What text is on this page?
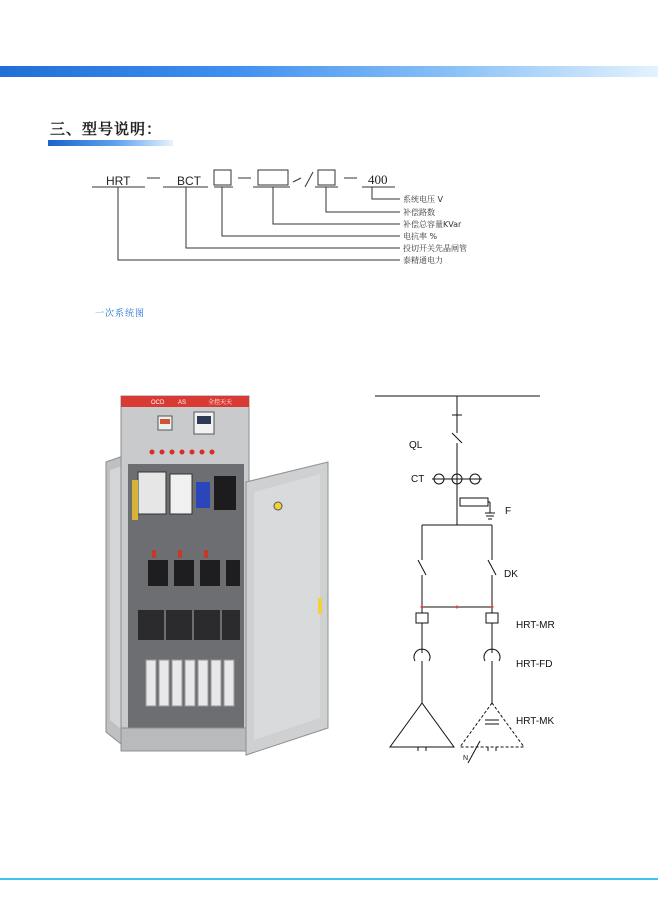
三、型号说明：
HRT	BCT	400
系统电压 V
补偿路数
补偿总容量KVar
电抗率 %
投切开关先晶闸管
泰精通电力
一次系统图
OCD AS	全控天天
QL
CT
F
DK
HRT-MR
HRT-FD
HRT-MK
N
